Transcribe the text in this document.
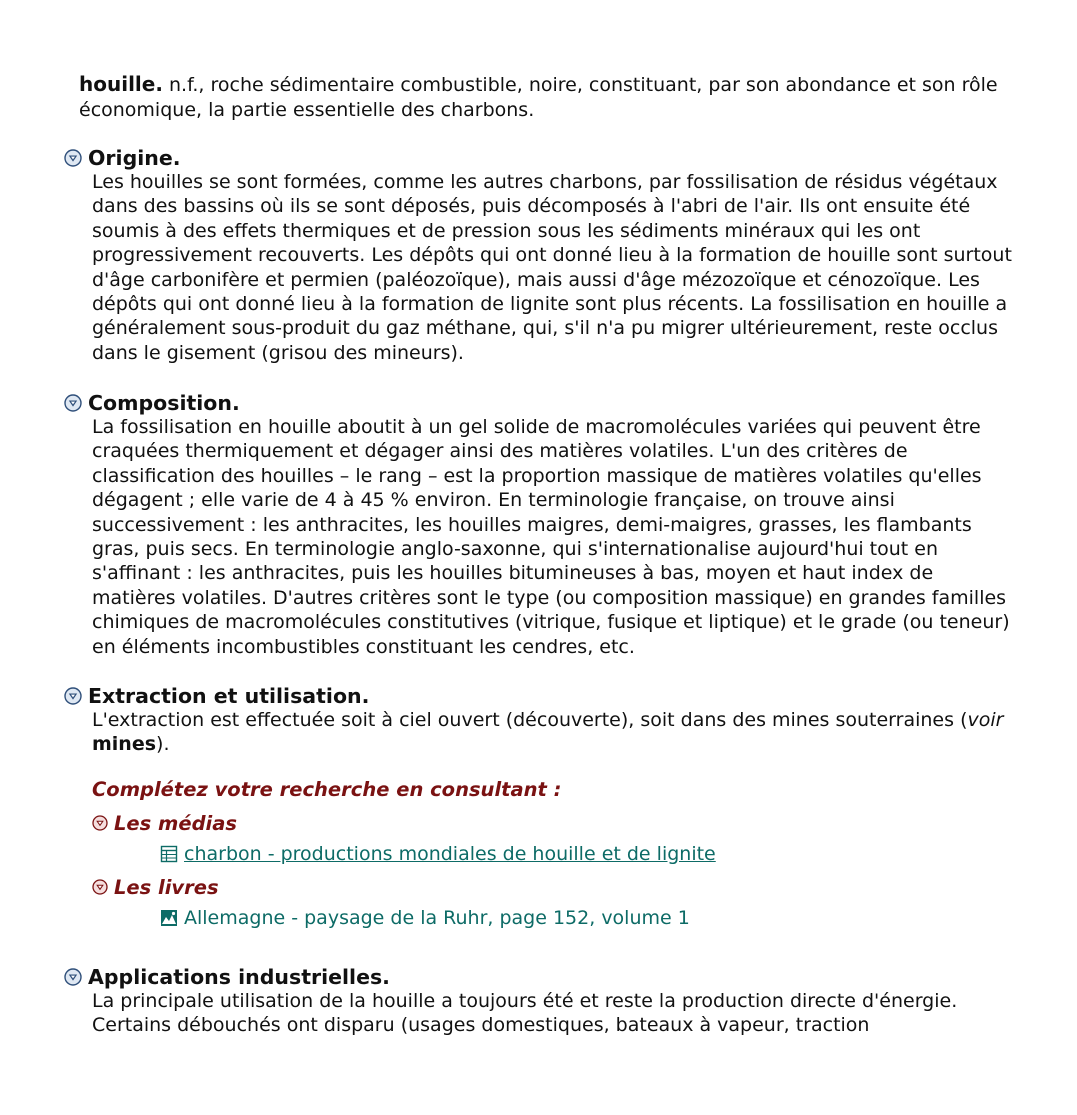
houille. n.f., roche sédimentaire combustible, noire, constituant, par son abondance et son rôle économique, la partie essentielle des charbons.
Origine.
Les houilles se sont formées, comme les autres charbons, par fossilisation de résidus végétaux dans des bassins où ils se sont déposés, puis décomposés à l'abri de l'air. Ils ont ensuite été soumis à des effets thermiques et de pression sous les sédiments minéraux qui les ont progressivement recouverts. Les dépôts qui ont donné lieu à la formation de houille sont surtout d'âge carbonifère et permien (paléozoïque), mais aussi d'âge mézozoïque et cénozoïque. Les dépôts qui ont donné lieu à la formation de lignite sont plus récents. La fossilisation en houille a généralement sous-produit du gaz méthane, qui, s'il n'a pu migrer ultérieurement, reste occlus dans le gisement (grisou des mineurs).
Composition.
La fossilisation en houille aboutit à un gel solide de macromolécules variées qui peuvent être craquées thermiquement et dégager ainsi des matières volatiles. L'un des critères de classification des houilles – le rang – est la proportion massique de matières volatiles qu'elles dégagent ; elle varie de 4 à 45 % environ. En terminologie française, on trouve ainsi successivement : les anthracites, les houilles maigres, demi-maigres, grasses, les flambants gras, puis secs. En terminologie anglo-saxonne, qui s'internationalise aujourd'hui tout en s'affinant : les anthracites, puis les houilles bitumineuses à bas, moyen et haut index de matières volatiles. D'autres critères sont le type (ou composition massique) en grandes familles chimiques de macromolécules constitutives (vitrique, fusique et liptique) et le grade (ou teneur) en éléments incombustibles constituant les cendres, etc.
Extraction et utilisation.
L'extraction est effectuée soit à ciel ouvert (découverte), soit dans des mines souterraines (voir mines).
Complétez votre recherche en consultant :
Les médias
charbon - productions mondiales de houille et de lignite
Les livres
Allemagne - paysage de la Ruhr, page 152, volume 1
Applications industrielles.
La principale utilisation de la houille a toujours été et reste la production directe d'énergie. Certains débouchés ont disparu (usages domestiques, bateaux à vapeur, traction
